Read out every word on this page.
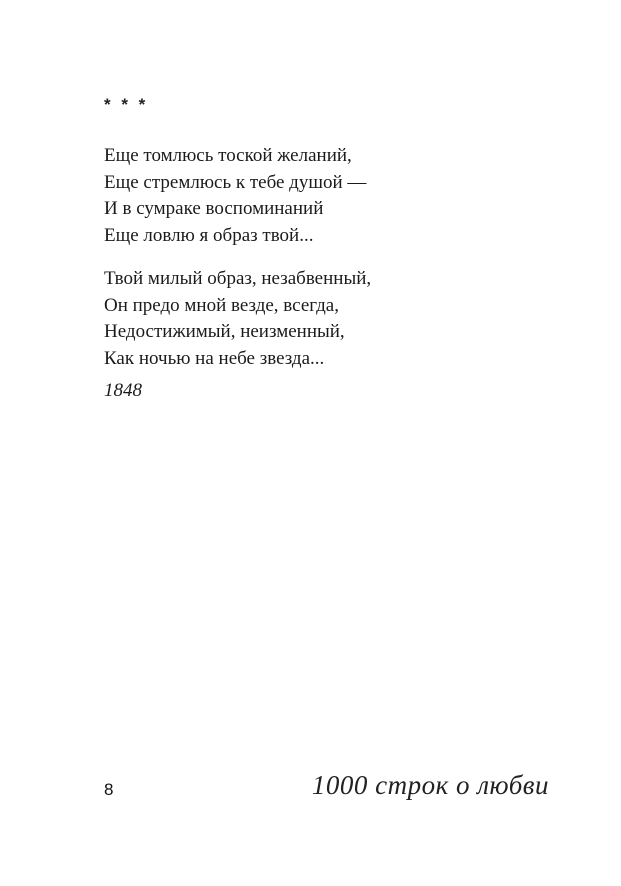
* * *
Еще томлюсь тоской желаний,
Еще стремлюсь к тебе душой —
И в сумраке воспоминаний
Еще ловлю я образ твой...
Твой милый образ, незабвенный,
Он предо мной везде, всегда,
Недостижимый, неизменный,
Как ночью на небе звезда...
1848
8	1000 строк о любви
